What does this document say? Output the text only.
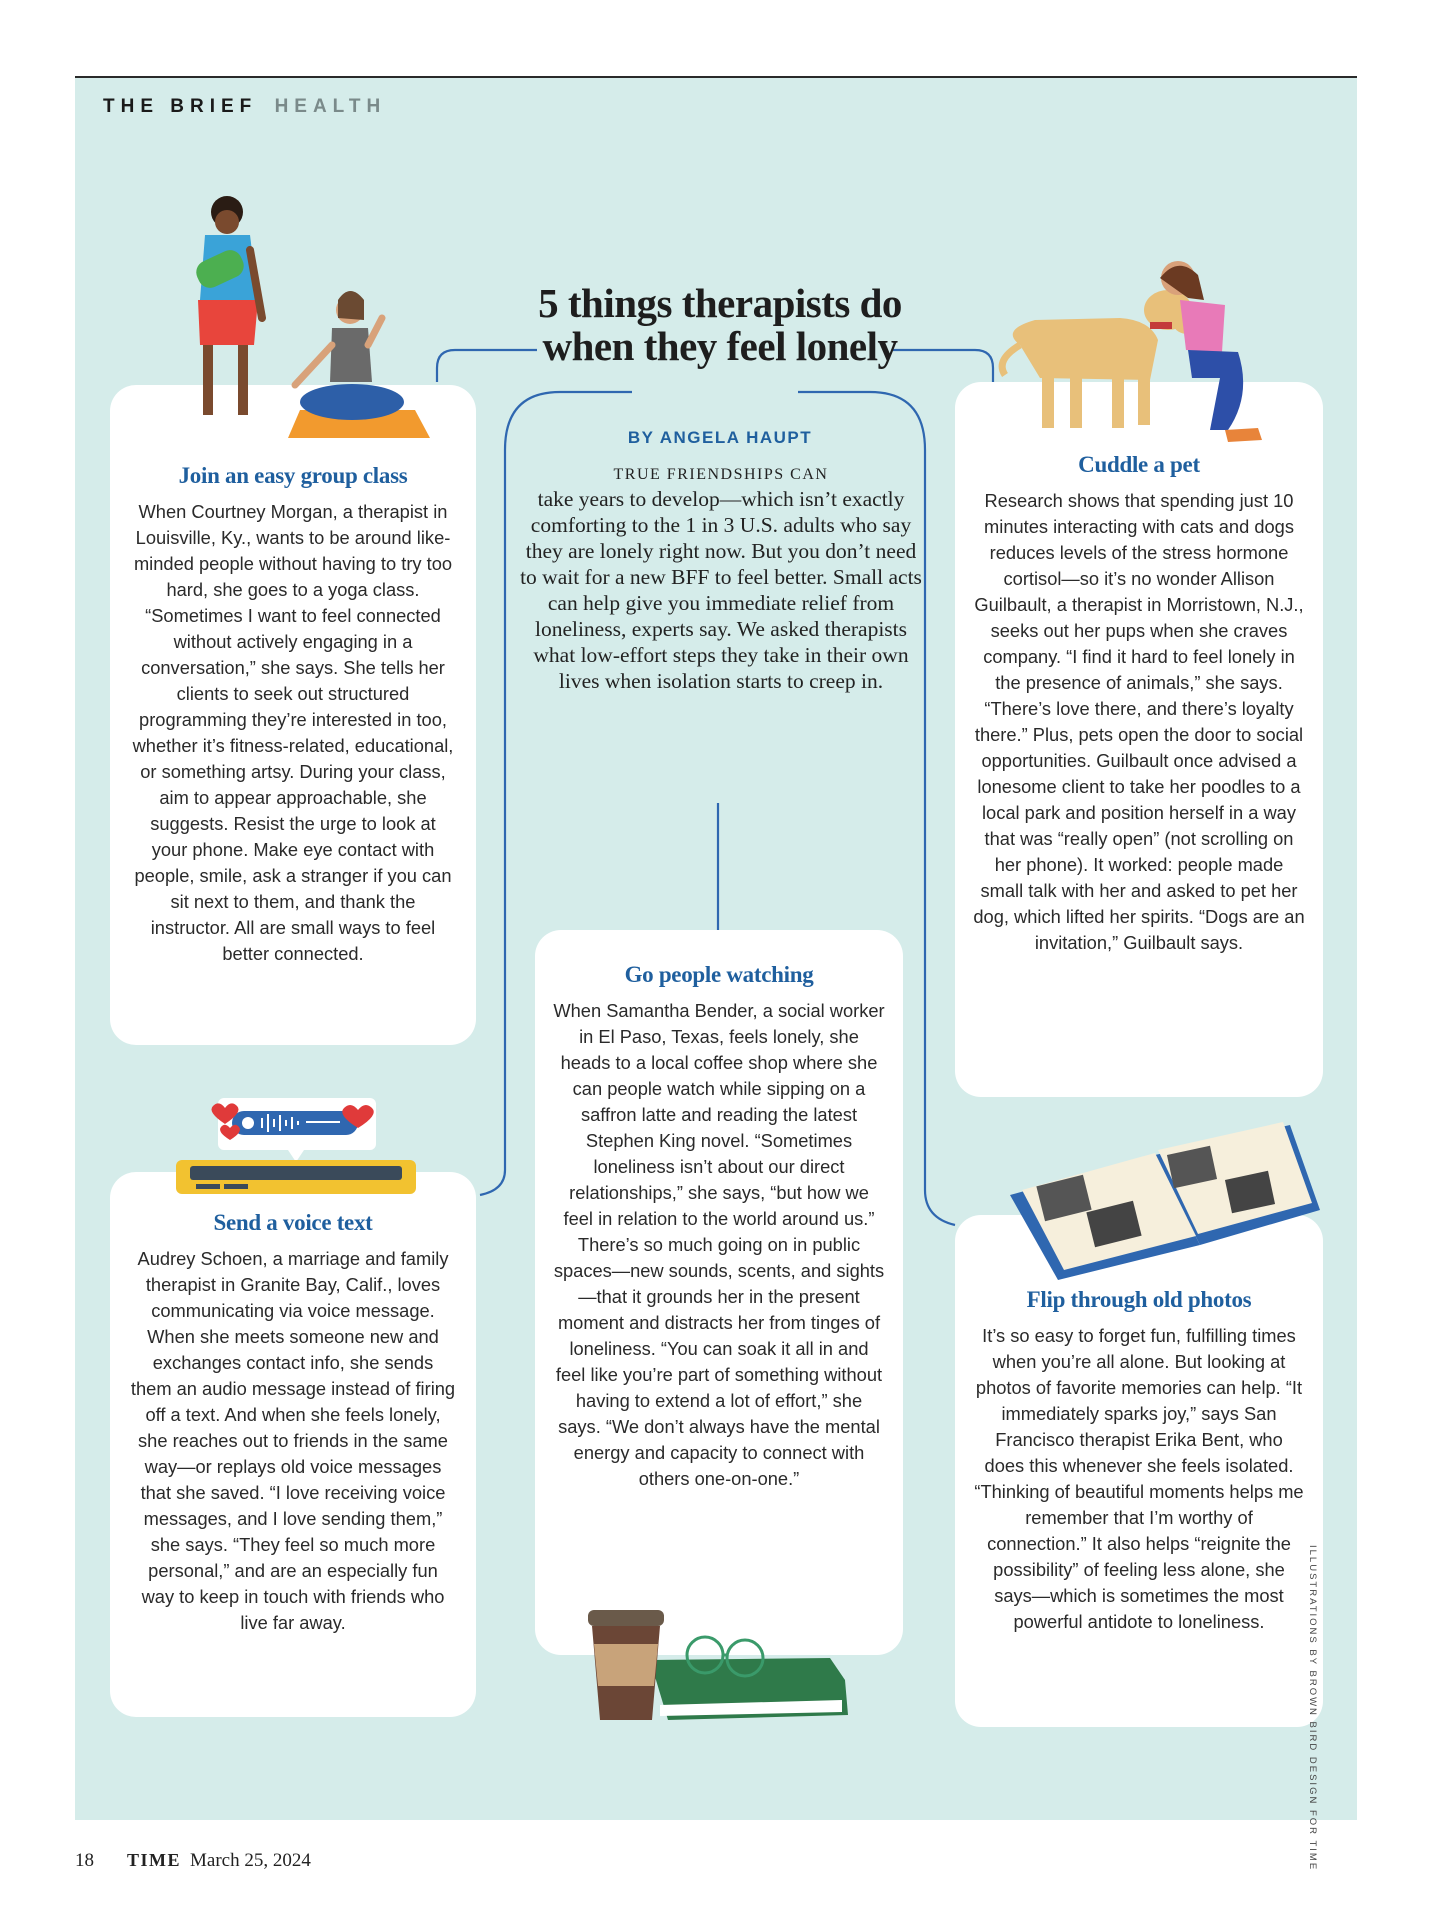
THE BRIEF HEALTH
5 things therapists do when they feel lonely
BY ANGELA HAUPT
TRUE FRIENDSHIPS CAN
take years to develop—which isn’t exactly comforting to the 1 in 3 U.S. adults who say they are lonely right now. But you don’t need to wait for a new BFF to feel better. Small acts can help give you immediate relief from loneliness, experts say. We asked therapists what low-effort steps they take in their own lives when isolation starts to creep in.
Join an easy group class

When Courtney Morgan, a therapist in Louisville, Ky., wants to be around like-minded people without having to try too hard, she goes to a yoga class. “Sometimes I want to feel connected without actively engaging in a conversation,” she says. She tells her clients to seek out structured programming they’re interested in too, whether it’s fitness-related, educational, or something artsy. During your class, aim to appear approachable, she suggests. Resist the urge to look at your phone. Make eye contact with people, smile, ask a stranger if you can sit next to them, and thank the instructor. All are small ways to feel better connected.

Send a voice text

Audrey Schoen, a marriage and family therapist in Granite Bay, Calif., loves communicating via voice message. When she meets someone new and exchanges contact info, she sends them an audio message instead of firing off a text. And when she feels lonely, she reaches out to friends in the same way—or replays old voice messages that she saved. “I love receiving voice messages, and I love sending them,” she says. “They feel so much more personal,” and are an especially fun way to keep in touch with friends who live far away.

Go people watching

When Samantha Bender, a social worker in El Paso, Texas, feels lonely, she heads to a local coffee shop where she can people watch while sipping on a saffron latte and reading the latest Stephen King novel. “Sometimes loneliness isn’t about our direct relationships,” she says, “but how we feel in relation to the world around us.” There’s so much going on in public spaces—new sounds, scents, and sights—that it grounds her in the present moment and distracts her from tinges of loneliness. “You can soak it all in and feel like you’re part of something without having to extend a lot of effort,” she says. “We don’t always have the mental energy and capacity to connect with others one-on-one.”

Cuddle a pet

Research shows that spending just 10 minutes interacting with cats and dogs reduces levels of the stress hormone cortisol—so it’s no wonder Allison Guilbault, a therapist in Morristown, N.J., seeks out her pups when she craves company. “I find it hard to feel lonely in the presence of animals,” she says. “There’s love there, and there’s loyalty there.” Plus, pets open the door to social opportunities. Guilbault once advised a lonesome client to take her poodles to a local park and position herself in a way that was “really open” (not scrolling on her phone). It worked: people made small talk with her and asked to pet her dog, which lifted her spirits. “Dogs are an invitation,” Guilbault says.

Flip through old photos

It’s so easy to forget fun, fulfilling times when you’re all alone. But looking at photos of favorite memories can help. “It immediately sparks joy,” says San Francisco therapist Erika Bent, who does this whenever she feels isolated. “Thinking of beautiful moments helps me remember that I’m worthy of connection.” It also helps “reignite the possibility” of feeling less alone, she says—which is sometimes the most powerful antidote to loneliness.	ILLUSTRATIONS BY BROWN BIRD DESIGN FOR TIME
18 TIME March 25, 2024
